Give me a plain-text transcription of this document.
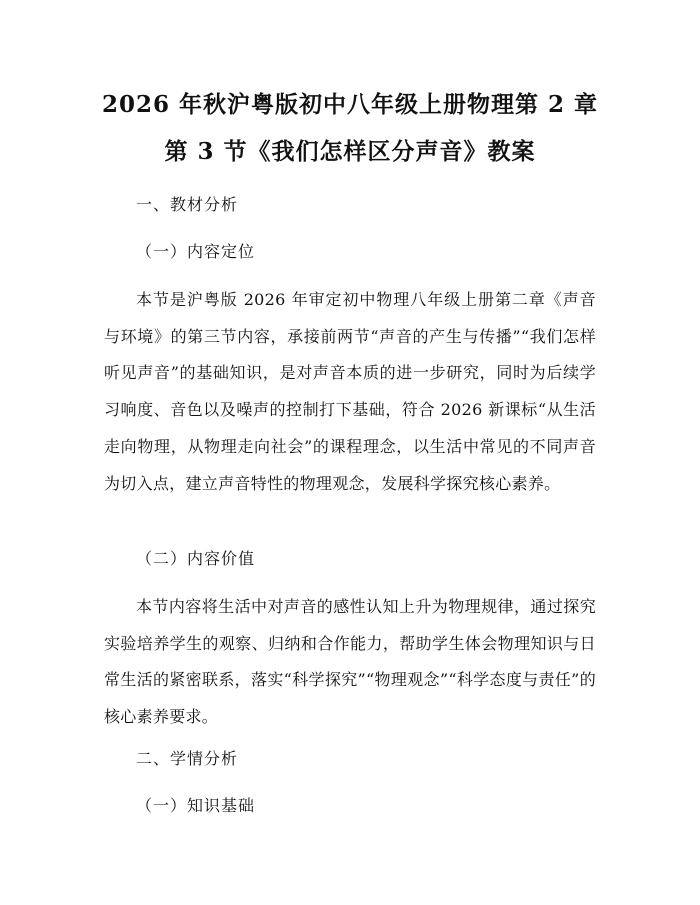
2026 年秋沪粤版初中八年级上册物理第 2 章
第 3 节《我们怎样区分声音》教案
一、教材分析
（一）内容定位

本节是沪粤版 2026 年审定初中物理八年级上册第二章《声音与环境》的第三节内容，承接前两节“声音的产生与传播”“我们怎样听见声音”的基础知识，是对声音本质的进一步研究，同时为后续学习响度、音色以及噪声的控制打下基础，符合 2026 新课标“从生活走向物理，从物理走向社会”的课程理念，以生活中常见的不同声音为切入点，建立声音特性的物理观念，发展科学探究核心素养。

（二）内容价值

本节内容将生活中对声音的感性认知上升为物理规律，通过探究实验培养学生的观察、归纳和合作能力，帮助学生体会物理知识与日常生活的紧密联系，落实“科学探究”“物理观念”“科学态度与责任”的核心素养要求。

二、学情分析
（一）知识基础
